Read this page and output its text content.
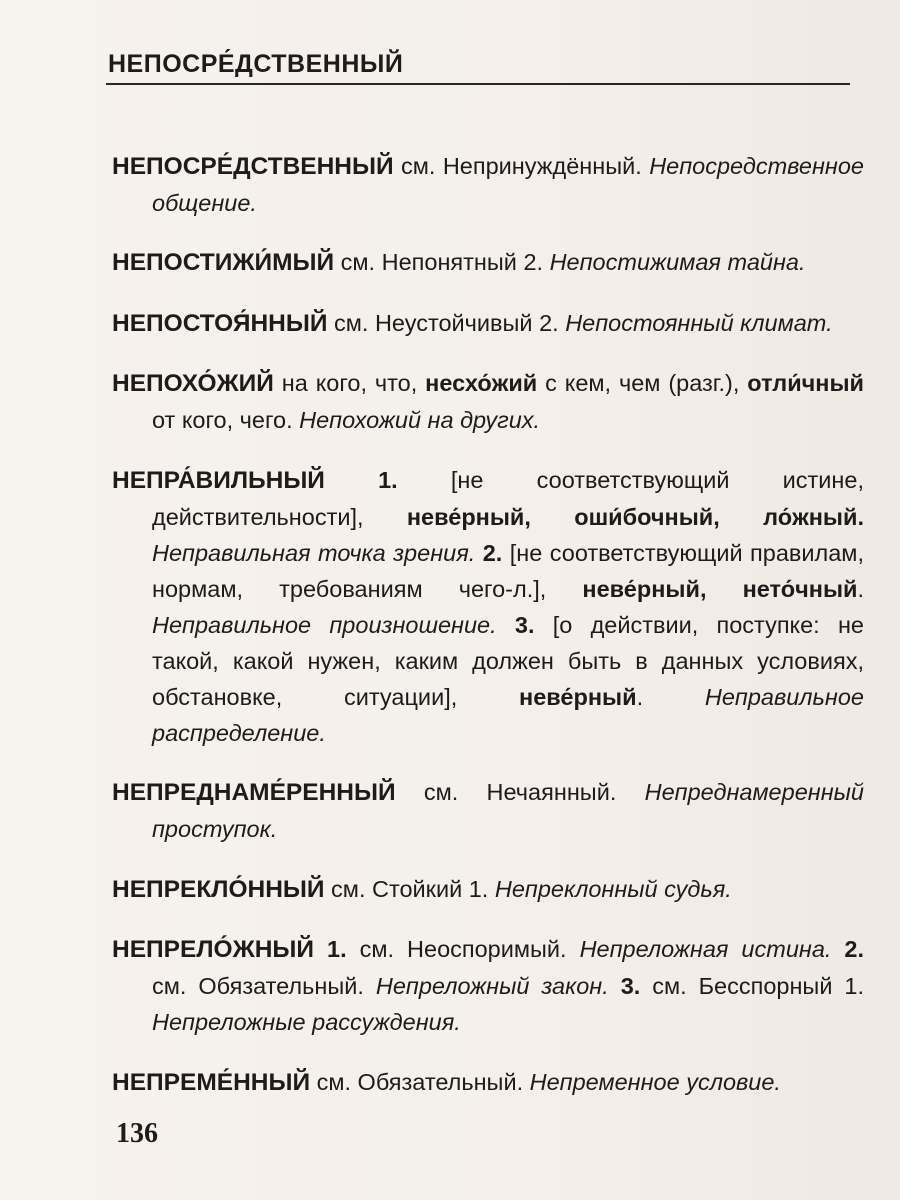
НЕПОСРЕ́ДСТВЕННЫЙ

НЕПОСРЕ́ДСТВЕННЫЙ см. Непринуждённый. Непосредственное общение.

НЕПОСТИЖИ́МЫЙ см. Непонятный 2. Непостижимая тайна.

НЕПОСТОЯ́ННЫЙ см. Неустойчивый 2. Непостоянный климат.

НЕПОХО́ЖИЙ на кого, что, несхо́жий с кем, чем (разг.), отли́чный от кого, чего. Непохожий на других.

НЕПРА́ВИЛЬНЫЙ 1. [не соответствующий истине, действительности], неве́рный, оши́бочный, ло́жный. Неправильная точка зрения. 2. [не соответствующий правилам, нормам, требованиям чего-л.], неве́рный, нето́чный. Неправильное произношение. 3. [о действии, поступке: не такой, какой нужен, каким должен быть в данных условиях, обстановке, ситуации], неве́рный. Неправильное распределение.

НЕПРЕДНАМЕ́РЕННЫЙ см. Нечаянный. Непреднамеренный проступок.

НЕПРЕКЛО́ННЫЙ см. Стойкий 1. Непреклонный судья.

НЕПРЕЛО́ЖНЫЙ 1. см. Неоспоримый. Непреложная истина. 2. см. Обязательный. Непреложный закон. 3. см. Бесспорный 1. Непреложные рассуждения.

НЕПРЕМЕ́ННЫЙ см. Обязательный. Непременное условие.

136
